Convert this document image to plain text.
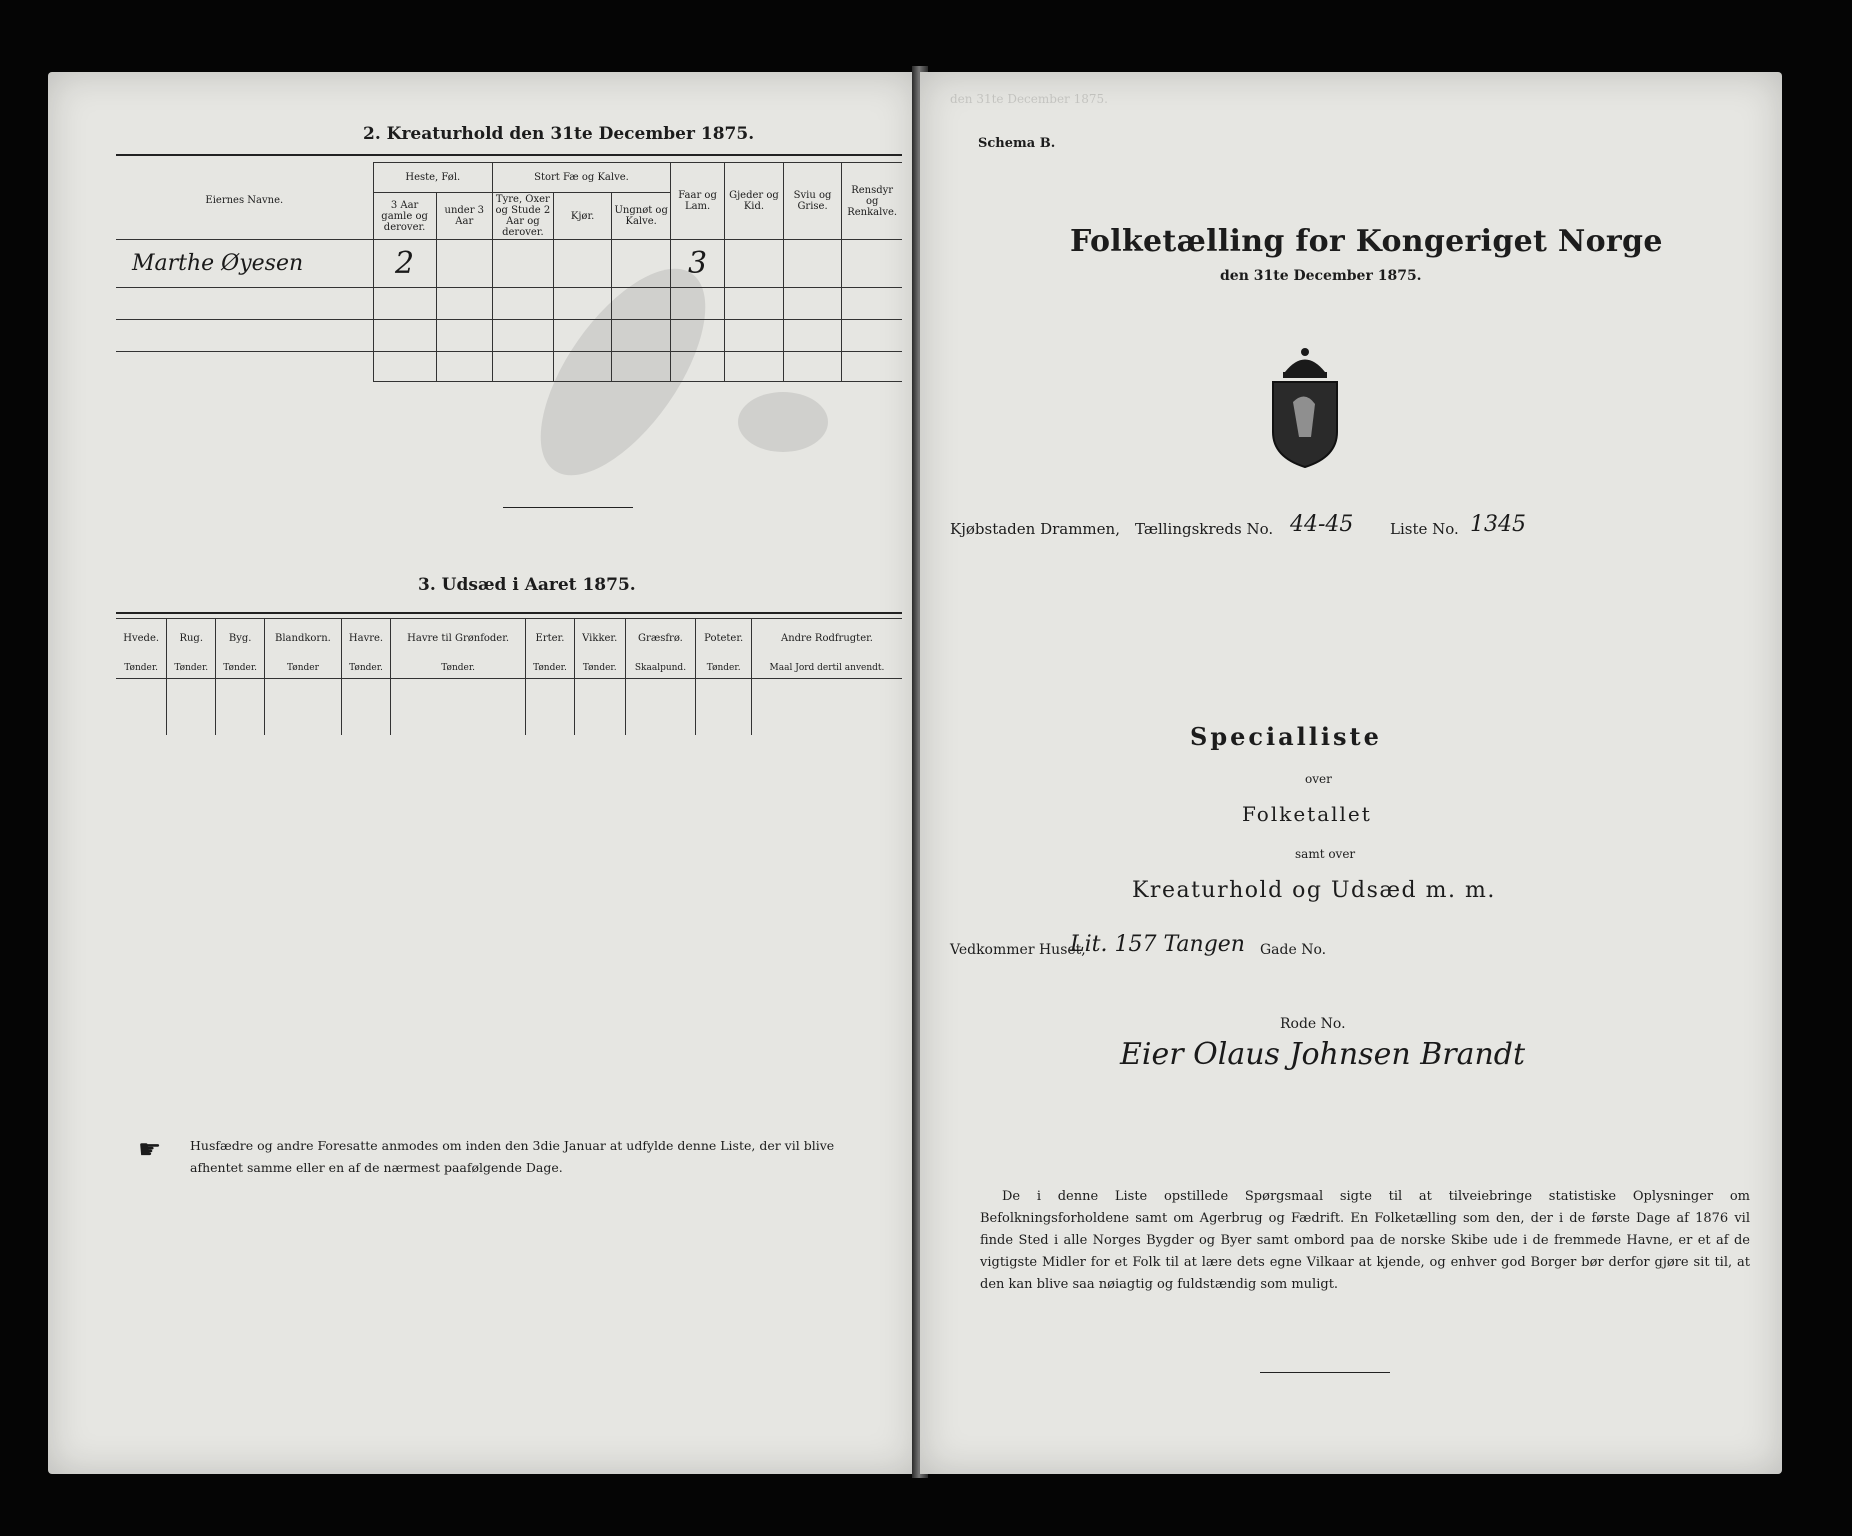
2. Kreaturhold den 31te December 1875.
Eiernes Navne.	Heste, Føl.		Stort Fæ og Kalve.			Faar og Lam.	Gjeder og Kid.	Sviu og Grise.	Rensdyr og Renkalve.
	3 Aar gamle og derover.	under 3 Aar	Tyre, Oxer og Stude 2 Aar og derover.	Kjør.	Ungnøt og Kalve.				
Marthe Øyesen	2					3			

3. Udsæd i Aaret 1875.
Hvede.	Rug.	Byg.	Blandkorn.	Havre.	Havre til Grønfoder.	Erter.	Vikker.	Græsfrø.	Poteter.	Andre Rodfrugter.
Tønder.	Tønder.	Tønder.	Tønder	Tønder.	Tønder.	Tønder.	Tønder.	Skaalpund.	Tønder.	Maal Jord dertil anvendt.

☛ Husfædre og andre Foresatte anmodes om inden den 3die Januar at udfylde denne Liste, der vil blive afhentet samme eller en af de nærmest paafølgende Dage.
den 31te December 1875.
Schema B.
Folketælling for Kongeriget Norge
den 31te December 1875.
Kjøbstaden Drammen, Tællingskreds No. 44-45 Liste No. 1345
Specialliste
over
Folketallet
samt over
Kreaturhold og Udsæd m. m.
Vedkommer Huset,
Lit. 157 Tangen Gade No.
Rode No.
Eier Olaus Johnsen Brandt
De i denne Liste opstillede Spørgsmaal sigte til at tilveiebringe statistiske Oplysninger om Befolkningsforholdene samt om Agerbrug og Fædrift. En Folketælling som den, der i de første Dage af 1876 vil finde Sted i alle Norges Bygder og Byer samt ombord paa de norske Skibe ude i de fremmede Havne, er et af de vigtigste Midler for et Folk til at lære dets egne Vilkaar at kjende, og enhver god Borger bør derfor gjøre sit til, at den kan blive saa nøiagtig og fuldstændig som muligt.
